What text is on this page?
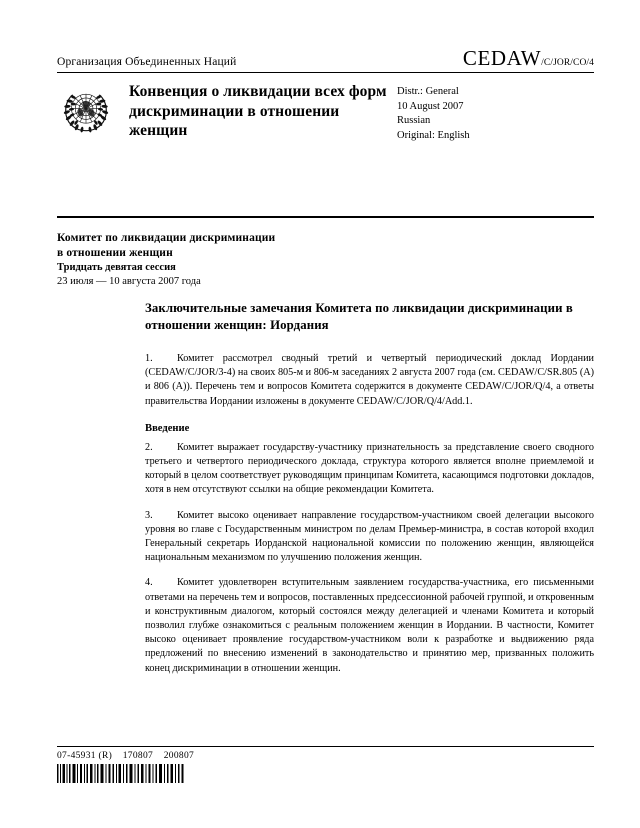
Организация Объединенных Наций	CEDAW/C/JOR/CO/4
Конвенция о ликвидации всех форм дискриминации в отношении женщин
Distr.: General
10 August 2007
Russian
Original: English
Комитет по ликвидации дискриминации
в отношении женщин
Тридцать девятая сессия
23 июля — 10 августа 2007 года
Заключительные замечания Комитета по ликвидации дискриминации в отношении женщин: Иордания
1. Комитет рассмотрел сводный третий и четвертый периодический доклад Иордании (CEDAW/C/JOR/3-4) на своих 805-м и 806-м заседаниях 2 августа 2007 года (см. CEDAW/C/SR.805 (A) и 806 (A)). Перечень тем и вопросов Комитета содержится в документе CEDAW/C/JOR/Q/4, а ответы правительства Иордании изложены в документе CEDAW/C/JOR/Q/4/Add.1.
Введение
2. Комитет выражает государству-участнику признательность за представление своего сводного третьего и четвертого периодического доклада, структура которого является вполне приемлемой и который в целом соответствует руководящим принципам Комитета, касающимся подготовки докладов, хотя в нем отсутствуют ссылки на общие рекомендации Комитета.
3. Комитет высоко оценивает направление государством-участником своей делегации высокого уровня во главе с Государственным министром по делам Премьер-министра, в состав которой входил Генеральный секретарь Иорданской национальной комиссии по положению женщин, являющейся национальным механизмом по улучшению положения женщин.
4. Комитет удовлетворен вступительным заявлением государства-участника, его письменными ответами на перечень тем и вопросов, поставленных предсессионной рабочей группой, и откровенным и конструктивным диалогом, который состоялся между делегацией и членами Комитета и который позволил глубже ознакомиться с реальным положением женщин в Иордании. В частности, Комитет высоко оценивает проявление государством-участником воли к разработке и выдвижению ряда предложений по внесению изменений в законодательство и принятию мер, призванных положить конец дискриминации в отношении женщин.
07-45931 (R)    170807    200807
